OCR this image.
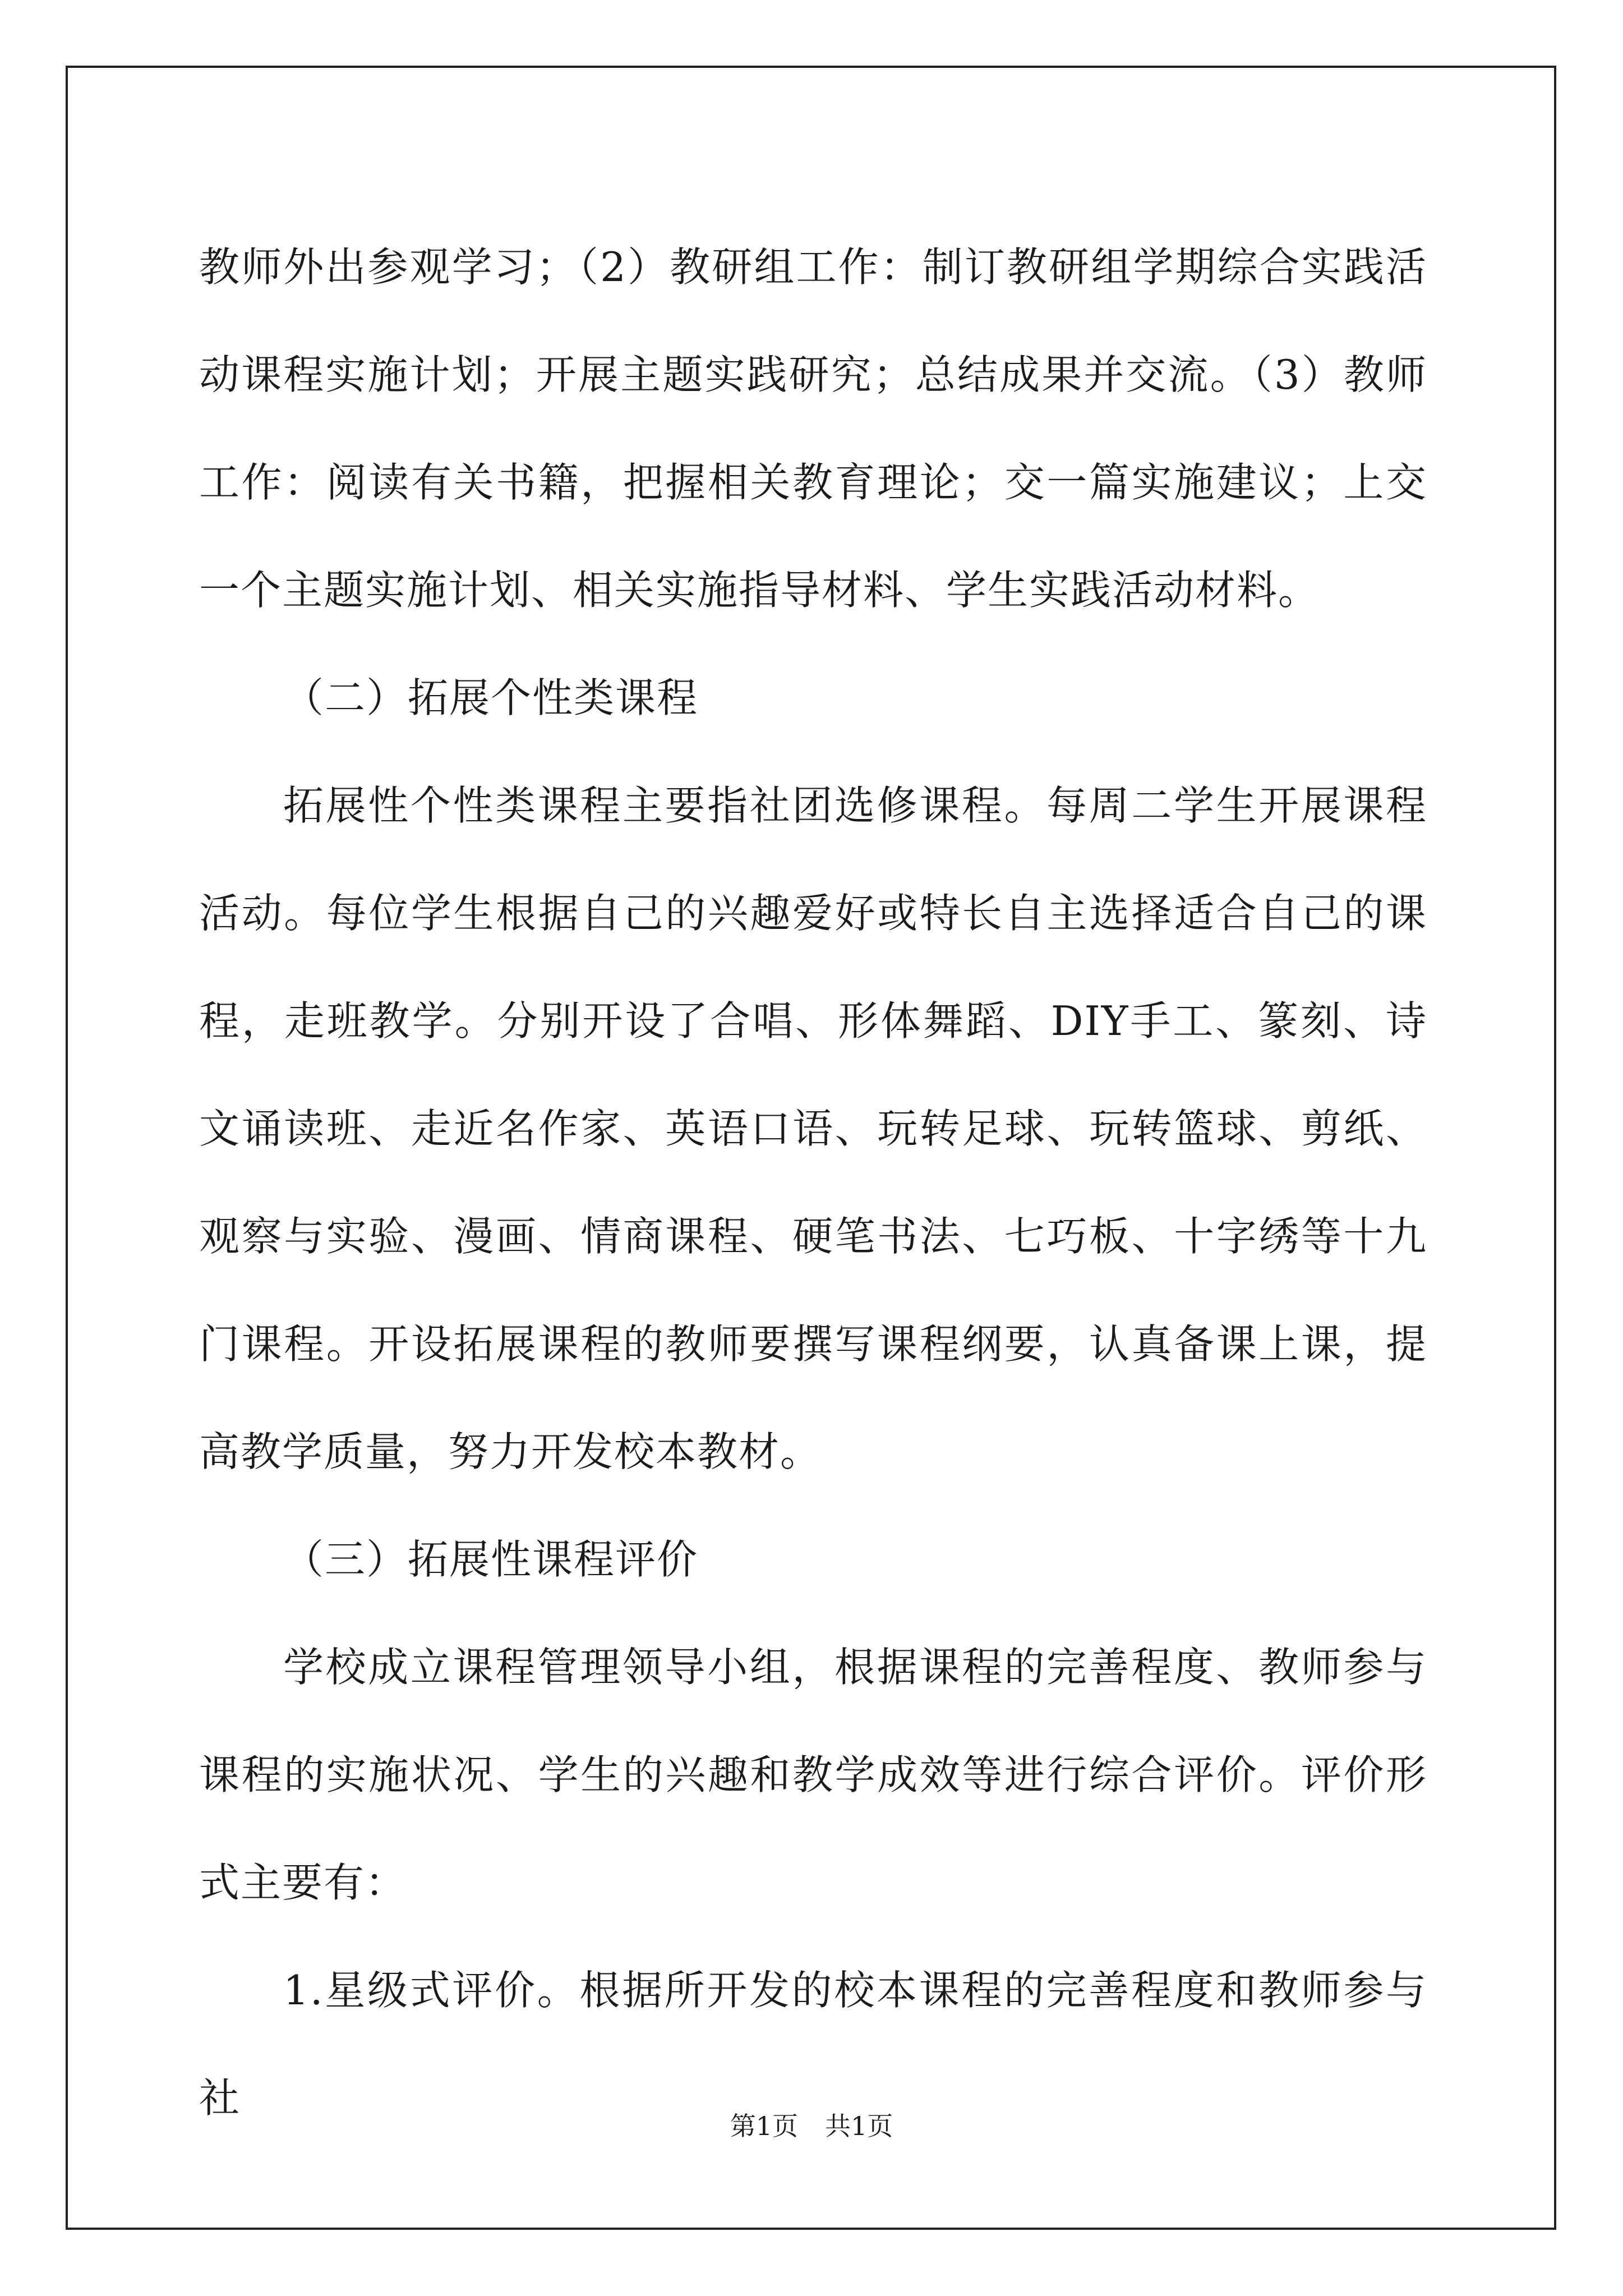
教师外出参观学习；（2）教研组工作：制订教研组学期综合实践活动课程实施计划；开展主题实践研究；总结成果并交流。（3）教师工作：阅读有关书籍，把握相关教育理论；交一篇实施建议；上交一个主题实施计划、相关实施指导材料、学生实践活动材料。

（二）拓展个性类课程

拓展性个性类课程主要指社团选修课程。每周二学生开展课程活动。每位学生根据自己的兴趣爱好或特长自主选择适合自己的课程，走班教学。分别开设了合唱、形体舞蹈、DIY手工、篆刻、诗文诵读班、走近名作家、英语口语、玩转足球、玩转篮球、剪纸、观察与实验、漫画、情商课程、硬笔书法、七巧板、十字绣等十九门课程。开设拓展课程的教师要撰写课程纲要，认真备课上课，提高教学质量，努力开发校本教材。

（三）拓展性课程评价

学校成立课程管理领导小组，根据课程的完善程度、教师参与课程的实施状况、学生的兴趣和教学成效等进行综合评价。评价形式主要有：

1.星级式评价。根据所开发的校本课程的完善程度和教师参与社

第1页 共1页
